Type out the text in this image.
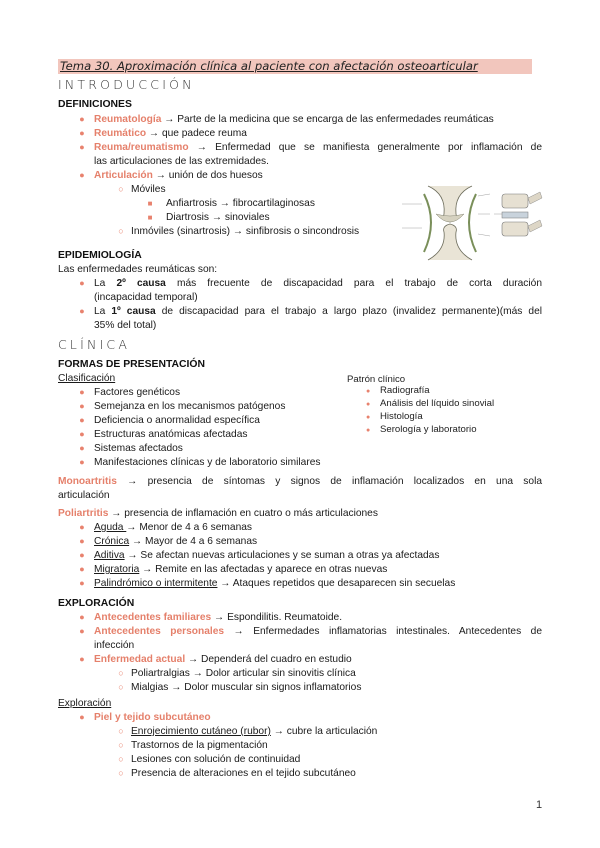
Tema 30. Aproximación clínica al paciente con afectación osteoarticular
INTRODUCCIÓN
DEFINICIONES
● Reumatología → Parte de la medicina que se encarga de las enfermedades reumáticas
● Reumático → que padece reuma
● Reuma/reumatismo → Enfermedad que se manifiesta generalmente por inflamación de
las articulaciones de las extremidades.
● Articulación → unión de dos huesos
○ Móviles
■ Anfiartrosis → fibrocartilaginosas
■ Diartrosis → sinoviales
○ Inmóviles (sinartrosis) → sinfibrosis o sincondrosis
EPIDEMIOLOGÍA
Las enfermedades reumáticas son:
● La 2º causa más frecuente de discapacidad para el trabajo de corta duración
(incapacidad temporal)
● La 1º causa de discapacidad para el trabajo a largo plazo (invalidez permanente)(más del
35% del total)
CLÍNICA
FORMAS DE PRESENTACIÓN
Clasificación
● Factores genéticos
● Semejanza en los mecanismos patógenos
● Deficiencia o anormalidad específica
● Estructuras anatómicas afectadas
● Sistemas afectados
● Manifestaciones clínicas y de laboratorio similares
Patrón clínico
● Radiografía
● Análisis del líquido sinovial
● Histología
● Serología y laboratorio
Monoartritis → presencia de síntomas y signos de inflamación localizados en una sola
articulación
Poliartritis → presencia de inflamación en cuatro o más articulaciones
● Aguda → Menor de 4 a 6 semanas
● Crónica → Mayor de 4 a 6 semanas
● Aditiva → Se afectan nuevas articulaciones y se suman a otras ya afectadas
● Migratoria → Remite en las afectadas y aparece en otras nuevas
● Palindrómico o intermitente → Ataques repetidos que desaparecen sin secuelas
EXPLORACIÓN
● Antecedentes familiares → Espondilitis. Reumatoide.
● Antecedentes personales → Enfermedades inflamatorias intestinales. Antecedentes de
infección
● Enfermedad actual → Dependerá del cuadro en estudio
○ Poliartralgias → Dolor articular sin sinovitis clínica
○ Mialgias → Dolor muscular sin signos inflamatorios
Exploración
● Piel y tejido subcutáneo
○ Enrojecimiento cutáneo (rubor) → cubre la articulación
○ Trastornos de la pigmentación
○ Lesiones con solución de continuidad
○ Presencia de alteraciones en el tejido subcutáneo
1
